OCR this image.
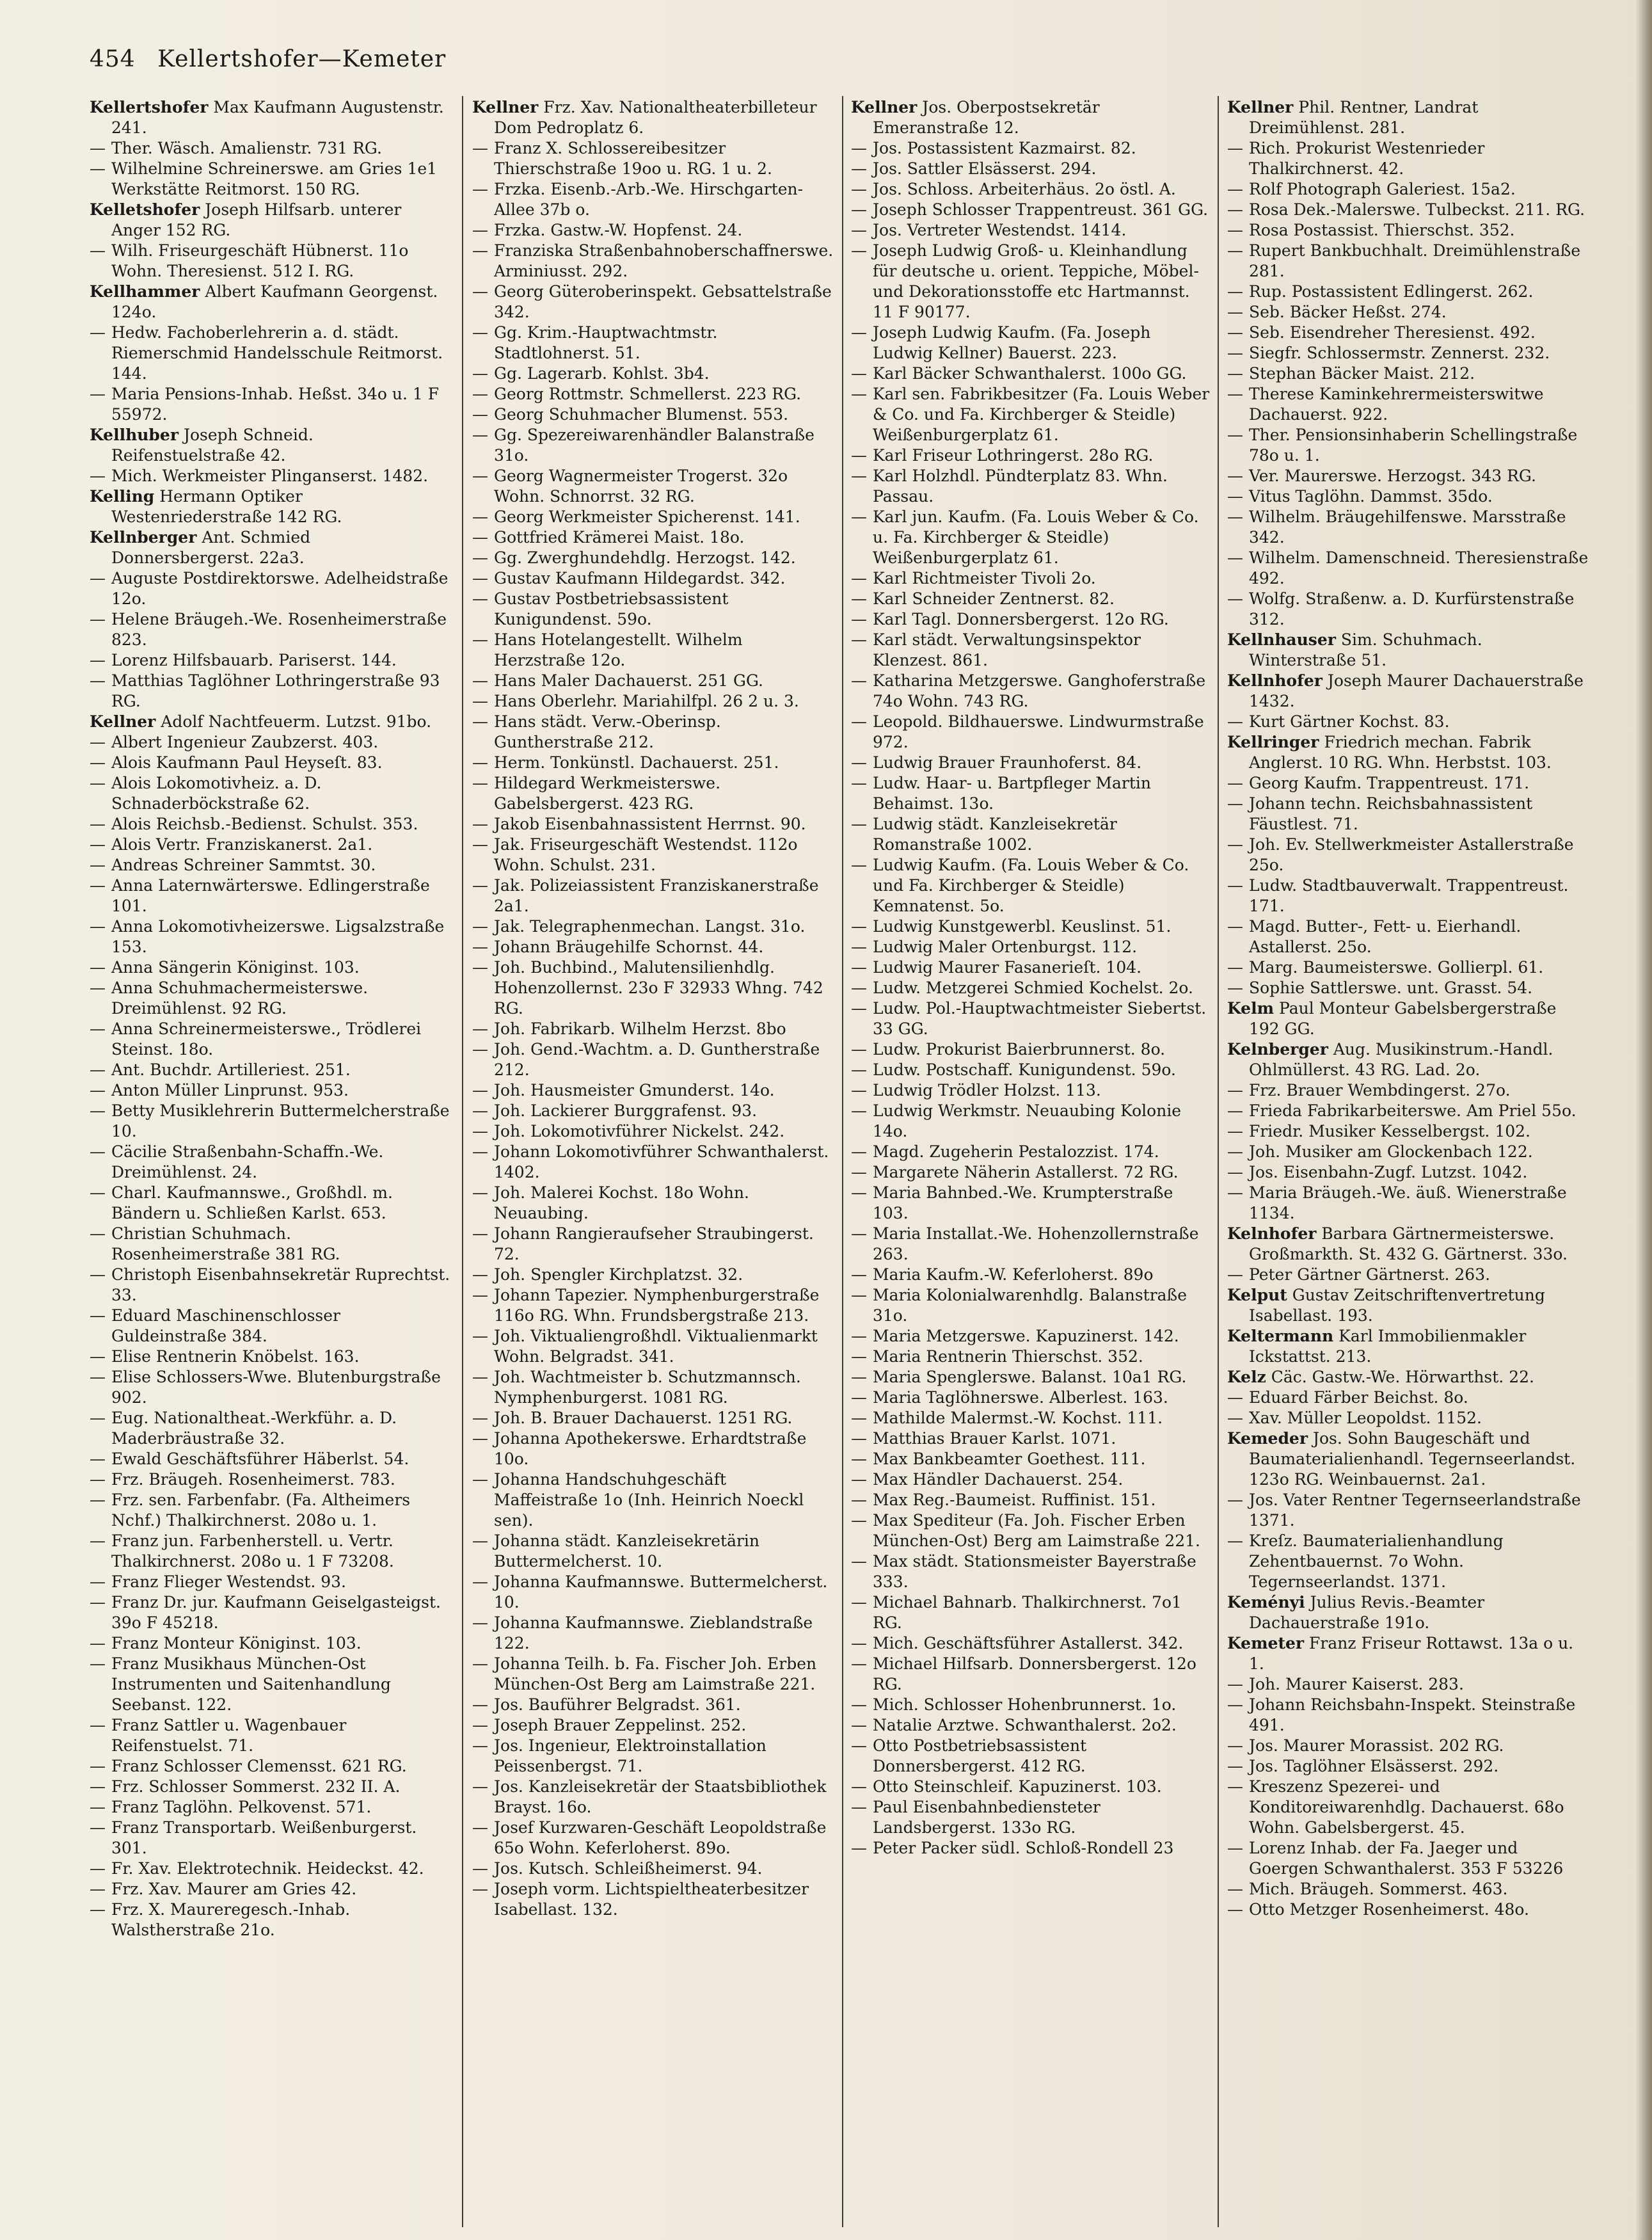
454 Kellertshofer—Kemeter

Kellertshofer Max Kaufmann Augustenstr. 241.

— Ther. Wäsch. Amalienstr. 731 RG.

— Wilhelmine Schreinerswe. am Gries 1e1 Werkstätte Reitmorst. 150 RG.

Kelletshofer Joseph Hilfsarb. unterer Anger 152 RG.

— Wilh. Friseurgeschäft Hübnerst. 11o Wohn. Theresienst. 512 I. RG.

Kellhammer Albert Kaufmann Georgenst. 124o.

— Hedw. Fachoberlehrerin a. d. städt. Riemerschmid Handelsschule Reitmorst. 144.

— Maria Pensions-Inhab. Heßst. 34o u. 1 F 55972.

Kellhuber Joseph Schneid. Reifenstuelstraße 42.

— Mich. Werkmeister Plinganserst. 1482.

Kelling Hermann Optiker Westenriederstraße 142 RG.

Kellnberger Ant. Schmied Donnersbergerst. 22a3.

— Auguste Postdirektorswe. Adelheidstraße 12o.

— Helene Bräugeh.-We. Rosenheimerstraße 823.

— Lorenz Hilfsbauarb. Pariserst. 144.

— Matthias Taglöhner Lothringerstraße 93 RG.

Kellner Adolf Nachtfeuerm. Lutzst. 91bo.

— Albert Ingenieur Zaubzerst. 403.

— Alois Kaufmann Paul Heyseſt. 83.

— Alois Lokomotivheiz. a. D. Schnaderböckstraße 62.

— Alois Reichsb.-Bedienst. Schulst. 353.

— Alois Vertr. Franziskanerst. 2a1.

— Andreas Schreiner Sammtst. 30.

— Anna Laternwärterswe. Edlingerstraße 101.

— Anna Lokomotivheizerswe. Ligsalzstraße 153.

— Anna Sängerin Königinst. 103.

— Anna Schuhmachermeisterswe. Dreimühlenst. 92 RG.

— Anna Schreinermeisterswe., Trödlerei Steinst. 18o.

— Ant. Buchdr. Artilleriest. 251.

— Anton Müller Linprunst. 953.

— Betty Musiklehrerin Buttermelcherstraße 10.

— Cäcilie Straßenbahn-Schaffn.-We. Dreimühlenst. 24.

— Charl. Kaufmannswe., Großhdl. m. Bändern u. Schließen Karlst. 653.

— Christian Schuhmach. Rosenheimerstraße 381 RG.

— Christoph Eisenbahnsekretär Ruprechtst. 33.

— Eduard Maschinenschlosser Guldeinstraße 384.

— Elise Rentnerin Knöbelst. 163.

— Elise Schlossers-Wwe. Blutenburgstraße 902.

— Eug. Nationaltheat.-Werkführ. a. D. Maderbräustraße 32.

— Ewald Geschäftsführer Häberlst. 54.

— Frz. Bräugeh. Rosenheimerst. 783.

— Frz. sen. Farbenfabr. (Fa. Altheimers Nchf.) Thalkirchnerst. 208o u. 1.

— Franz jun. Farbenherstell. u. Vertr. Thalkirchnerst. 208o u. 1 F 73208.

— Franz Flieger Westendst. 93.

— Franz Dr. jur. Kaufmann Geiselgasteigst. 39o F 45218.

— Franz Monteur Königinst. 103.

— Franz Musikhaus München-Ost Instrumenten und Saitenhandlung Seebanst. 122.

— Franz Sattler u. Wagenbauer Reifenstuelst. 71.

— Franz Schlosser Clemensst. 621 RG.

— Frz. Schlosser Sommerst. 232 II. A.

— Franz Taglöhn. Pelkovenst. 571.

— Franz Transportarb. Weißenburgerst. 301.

— Fr. Xav. Elektrotechnik. Heideckst. 42.

— Frz. Xav. Maurer am Gries 42.

— Frz. X. Maureregesch.-Inhab. Walstherstraße 21o.

Kellner Frz. Xav. Nationaltheaterbilleteur Dom Pedroplatz 6.

— Franz X. Schlossereibesitzer Thierschstraße 19oo u. RG. 1 u. 2.

— Frzka. Eisenb.-Arb.-We. Hirschgarten-Allee 37b o.

— Frzka. Gastw.-W. Hopfenst. 24.

— Franziska Straßenbahnoberschaffnerswe. Arminiusst. 292.

— Georg Güteroberinspekt. Gebsattelstraße 342.

— Gg. Krim.-Hauptwachtmstr. Stadtlohnerst. 51.

— Gg. Lagerarb. Kohlst. 3b4.

— Georg Rottmstr. Schmellerst. 223 RG.

— Georg Schuhmacher Blumenst. 553.

— Gg. Spezereiwarenhändler Balanstraße 31o.

— Georg Wagnermeister Trogerst. 32o Wohn. Schnorrst. 32 RG.

— Georg Werkmeister Spicherenst. 141.

— Gottfried Krämerei Maist. 18o.

— Gg. Zwerghundehdlg. Herzogst. 142.

— Gustav Kaufmann Hildegardst. 342.

— Gustav Postbetriebsassistent Kunigundenst. 59o.

— Hans Hotelangestellt. Wilhelm Herzstraße 12o.

— Hans Maler Dachauerst. 251 GG.

— Hans Oberlehr. Mariahilfpl. 26 2 u. 3.

— Hans städt. Verw.-Oberinsp. Guntherstraße 212.

— Herm. Tonkünstl. Dachauerst. 251.

— Hildegard Werkmeisterswe. Gabelsbergerst. 423 RG.

— Jakob Eisenbahnassistent Herrnst. 90.

— Jak. Friseurgeschäft Westendst. 112o Wohn. Schulst. 231.

— Jak. Polizeiassistent Franziskanerstraße 2a1.

— Jak. Telegraphenmechan. Langst. 31o.

— Johann Bräugehilfe Schornst. 44.

— Joh. Buchbind., Malutensilienhdlg. Hohenzollernst. 23o F 32933 Whng. 742 RG.

— Joh. Fabrikarb. Wilhelm Herzst. 8bo

— Joh. Gend.-Wachtm. a. D. Guntherstraße 212.

— Joh. Hausmeister Gmunderst. 14o.

— Joh. Lackierer Burggrafenst. 93.

— Joh. Lokomotivführer Nickelst. 242.

— Johann Lokomotivführer Schwanthalerst. 1402.

— Joh. Malerei Kochst. 18o Wohn. Neuaubing.

— Johann Rangieraufseher Straubingerst. 72.

— Joh. Spengler Kirchplatzst. 32.

— Johann Tapezier. Nymphenburgerstraße 116o RG. Whn. Frundsbergstraße 213.

— Joh. Viktualiengroßhdl. Viktualienmarkt Wohn. Belgradst. 341.

— Joh. Wachtmeister b. Schutzmannsch. Nymphenburgerst. 1081 RG.

— Joh. B. Brauer Dachauerst. 1251 RG.

— Johanna Apothekerswe. Erhardtstraße 10o.

— Johanna Handschuhgeschäft Maffeistraße 1o (Inh. Heinrich Noeckl sen).

— Johanna städt. Kanzleisekretärin Buttermelcherst. 10.

— Johanna Kaufmannswe. Buttermelcherst. 10.

— Johanna Kaufmannswe. Zieblandstraße 122.

— Johanna Teilh. b. Fa. Fischer Joh. Erben München-Ost Berg am Laimstraße 221.

— Jos. Bauführer Belgradst. 361.

— Joseph Brauer Zeppelinst. 252.

— Jos. Ingenieur, Elektroinstallation Peissenbergst. 71.

— Jos. Kanzleisekretär der Staatsbibliothek Brayst. 16o.

— Josef Kurzwaren-Geschäft Leopoldstraße 65o Wohn. Keferloherst. 89o.

— Jos. Kutsch. Schleißheimerst. 94.

— Joseph vorm. Lichtspieltheaterbesitzer Isabellast. 132.

Kellner Jos. Oberpostsekretär Emeranstraße 12.

— Jos. Postassistent Kazmairst. 82.

— Jos. Sattler Elsässerst. 294.

— Jos. Schloss. Arbeiterhäus. 2o östl. A.

— Joseph Schlosser Trappentreust. 361 GG.

— Jos. Vertreter Westendst. 1414.

— Joseph Ludwig Groß- u. Kleinhandlung für deutsche u. orient. Teppiche, Möbel- und Dekorationsstoffe etc Hartmannst. 11 F 90177.

— Joseph Ludwig Kaufm. (Fa. Joseph Ludwig Kellner) Bauerst. 223.

— Karl Bäcker Schwanthalerst. 100o GG.

— Karl sen. Fabrikbesitzer (Fa. Louis Weber & Co. und Fa. Kirchberger & Steidle) Weißenburgerplatz 61.

— Karl Friseur Lothringerst. 28o RG.

— Karl Holzhdl. Pündterplatz 83. Whn. Passau.

— Karl jun. Kaufm. (Fa. Louis Weber & Co. u. Fa. Kirchberger & Steidle) Weißenburgerplatz 61.

— Karl Richtmeister Tivoli 2o.

— Karl Schneider Zentnerst. 82.

— Karl Tagl. Donnersbergerst. 12o RG.

— Karl städt. Verwaltungsinspektor Klenzest. 861.

— Katharina Metzgerswe. Ganghoferstraße 74o Wohn. 743 RG.

— Leopold. Bildhauerswe. Lindwurmstraße 972.

— Ludwig Brauer Fraunhoferst. 84.

— Ludw. Haar- u. Bartpfleger Martin Behaimst. 13o.

— Ludwig städt. Kanzleisekretär Romanstraße 1002.

— Ludwig Kaufm. (Fa. Louis Weber & Co. und Fa. Kirchberger & Steidle) Kemnatenst. 5o.

— Ludwig Kunstgewerbl. Keuslinst. 51.

— Ludwig Maler Ortenburgst. 112.

— Ludwig Maurer Fasanerieſt. 104.

— Ludw. Metzgerei Schmied Kochelst. 2o.

— Ludw. Pol.-Hauptwachtmeister Siebertst. 33 GG.

— Ludw. Prokurist Baierbrunnerst. 8o.

— Ludw. Postschaff. Kunigundenst. 59o.

— Ludwig Trödler Holzst. 113.

— Ludwig Werkmstr. Neuaubing Kolonie 14o.

— Magd. Zugeherin Pestalozzist. 174.

— Margarete Näherin Astallerst. 72 RG.

— Maria Bahnbed.-We. Krumpterstraße 103.

— Maria Installat.-We. Hohenzollernstraße 263.

— Maria Kaufm.-W. Keferloherst. 89o

— Maria Kolonialwarenhdlg. Balanstraße 31o.

— Maria Metzgerswe. Kapuzinerst. 142.

— Maria Rentnerin Thierschst. 352.

— Maria Spenglerswe. Balanst. 10a1 RG.

— Maria Taglöhnerswe. Alberlest. 163.

— Mathilde Malermst.-W. Kochst. 111.

— Matthias Brauer Karlst. 1071.

— Max Bankbeamter Goethest. 111.

— Max Händler Dachauerst. 254.

— Max Reg.-Baumeist. Ruffinist. 151.

— Max Spediteur (Fa. Joh. Fischer Erben München-Ost) Berg am Laimstraße 221.

— Max städt. Stationsmeister Bayerstraße 333.

— Michael Bahnarb. Thalkirchnerst. 7o1 RG.

— Mich. Geschäftsführer Astallerst. 342.

— Michael Hilfsarb. Donnersbergerst. 12o RG.

— Mich. Schlosser Hohenbrunnerst. 1o.

— Natalie Arztwe. Schwanthalerst. 2o2.

— Otto Postbetriebsassistent Donnersbergerst. 412 RG.

— Otto Steinschleif. Kapuzinerst. 103.

— Paul Eisenbahnbediensteter Landsbergerst. 133o RG.

— Peter Packer südl. Schloß-Rondell 23

Kellner Phil. Rentner, Landrat Dreimühlenst. 281.

— Rich. Prokurist Westenrieder Thalkirchnerst. 42.

— Rolf Photograph Galeriest. 15a2.

— Rosa Dek.-Malerswe. Tulbeckst. 211. RG.

— Rosa Postassist. Thierschst. 352.

— Rupert Bankbuchhalt. Dreimühlenstraße 281.

— Rup. Postassistent Edlingerst. 262.

— Seb. Bäcker Heßst. 274.

— Seb. Eisendreher Theresienst. 492.

— Siegfr. Schlossermstr. Zennerst. 232.

— Stephan Bäcker Maist. 212.

— Therese Kaminkehrermeisterswitwe Dachauerst. 922.

— Ther. Pensionsinhaberin Schellingstraße 78o u. 1.

— Ver. Maurerswe. Herzogst. 343 RG.

— Vitus Taglöhn. Dammst. 35do.

— Wilhelm. Bräugehilfenswe. Marsstraße 342.

— Wilhelm. Damenschneid. Theresienstraße 492.

— Wolfg. Straßenw. a. D. Kurfürstenstraße 312.

Kellnhauser Sim. Schuhmach. Winterstraße 51.

Kellnhofer Joseph Maurer Dachauerstraße 1432.

— Kurt Gärtner Kochst. 83.

Kellringer Friedrich mechan. Fabrik Anglerst. 10 RG. Whn. Herbstst. 103.

— Georg Kaufm. Trappentreust. 171.

— Johann techn. Reichsbahnassistent Fäustlest. 71.

— Joh. Ev. Stellwerkmeister Astallerstraße 25o.

— Ludw. Stadtbauverwalt. Trappentreust. 171.

— Magd. Butter-, Fett- u. Eierhandl. Astallerst. 25o.

— Marg. Baumeisterswe. Gollierpl. 61.

— Sophie Sattlerswe. unt. Grasst. 54.

Kelm Paul Monteur Gabelsbergerstraße 192 GG.

Kelnberger Aug. Musikinstrum.-Handl. Ohlmüllerst. 43 RG. Lad. 2o.

— Frz. Brauer Wembdingerst. 27o.

— Frieda Fabrikarbeiterswe. Am Priel 55o.

— Friedr. Musiker Kesselbergst. 102.

— Joh. Musiker am Glockenbach 122.

— Jos. Eisenbahn-Zugf. Lutzst. 1042.

— Maria Bräugeh.-We. äuß. Wienerstraße 1134.

Kelnhofer Barbara Gärtnermeisterswe. Großmarkth. St. 432 G. Gärtnerst. 33o.

— Peter Gärtner Gärtnerst. 263.

Kelput Gustav Zeitschriftenvertretung Isabellast. 193.

Keltermann Karl Immobilienmakler Ickstattst. 213.

Kelz Cäc. Gastw.-We. Hörwarthst. 22.

— Eduard Färber Beichst. 8o.

— Xav. Müller Leopoldst. 1152.

Kemeder Jos. Sohn Baugeschäft und Baumaterialienhandl. Tegernseerlandst. 123o RG. Weinbauernst. 2a1.

— Jos. Vater Rentner Tegernseerlandstraße 1371.

— Kreſz. Baumaterialienhandlung Zehentbauernst. 7o Wohn. Tegernseerlandst. 1371.

Keményi Julius Revis.-Beamter Dachauerstraße 191o.

Kemeter Franz Friseur Rottawst. 13a o u. 1.

— Joh. Maurer Kaiserst. 283.

— Johann Reichsbahn-Inspekt. Steinstraße 491.

— Jos. Maurer Morassist. 202 RG.

— Jos. Taglöhner Elsässerst. 292.

— Kreszenz Spezerei- und Konditoreiwarenhdlg. Dachauerst. 68o Wohn. Gabelsbergerst. 45.

— Lorenz Inhab. der Fa. Jaeger und Goergen Schwanthalerst. 353 F 53226

— Mich. Bräugeh. Sommerst. 463.

— Otto Metzger Rosenheimerst. 48o.
